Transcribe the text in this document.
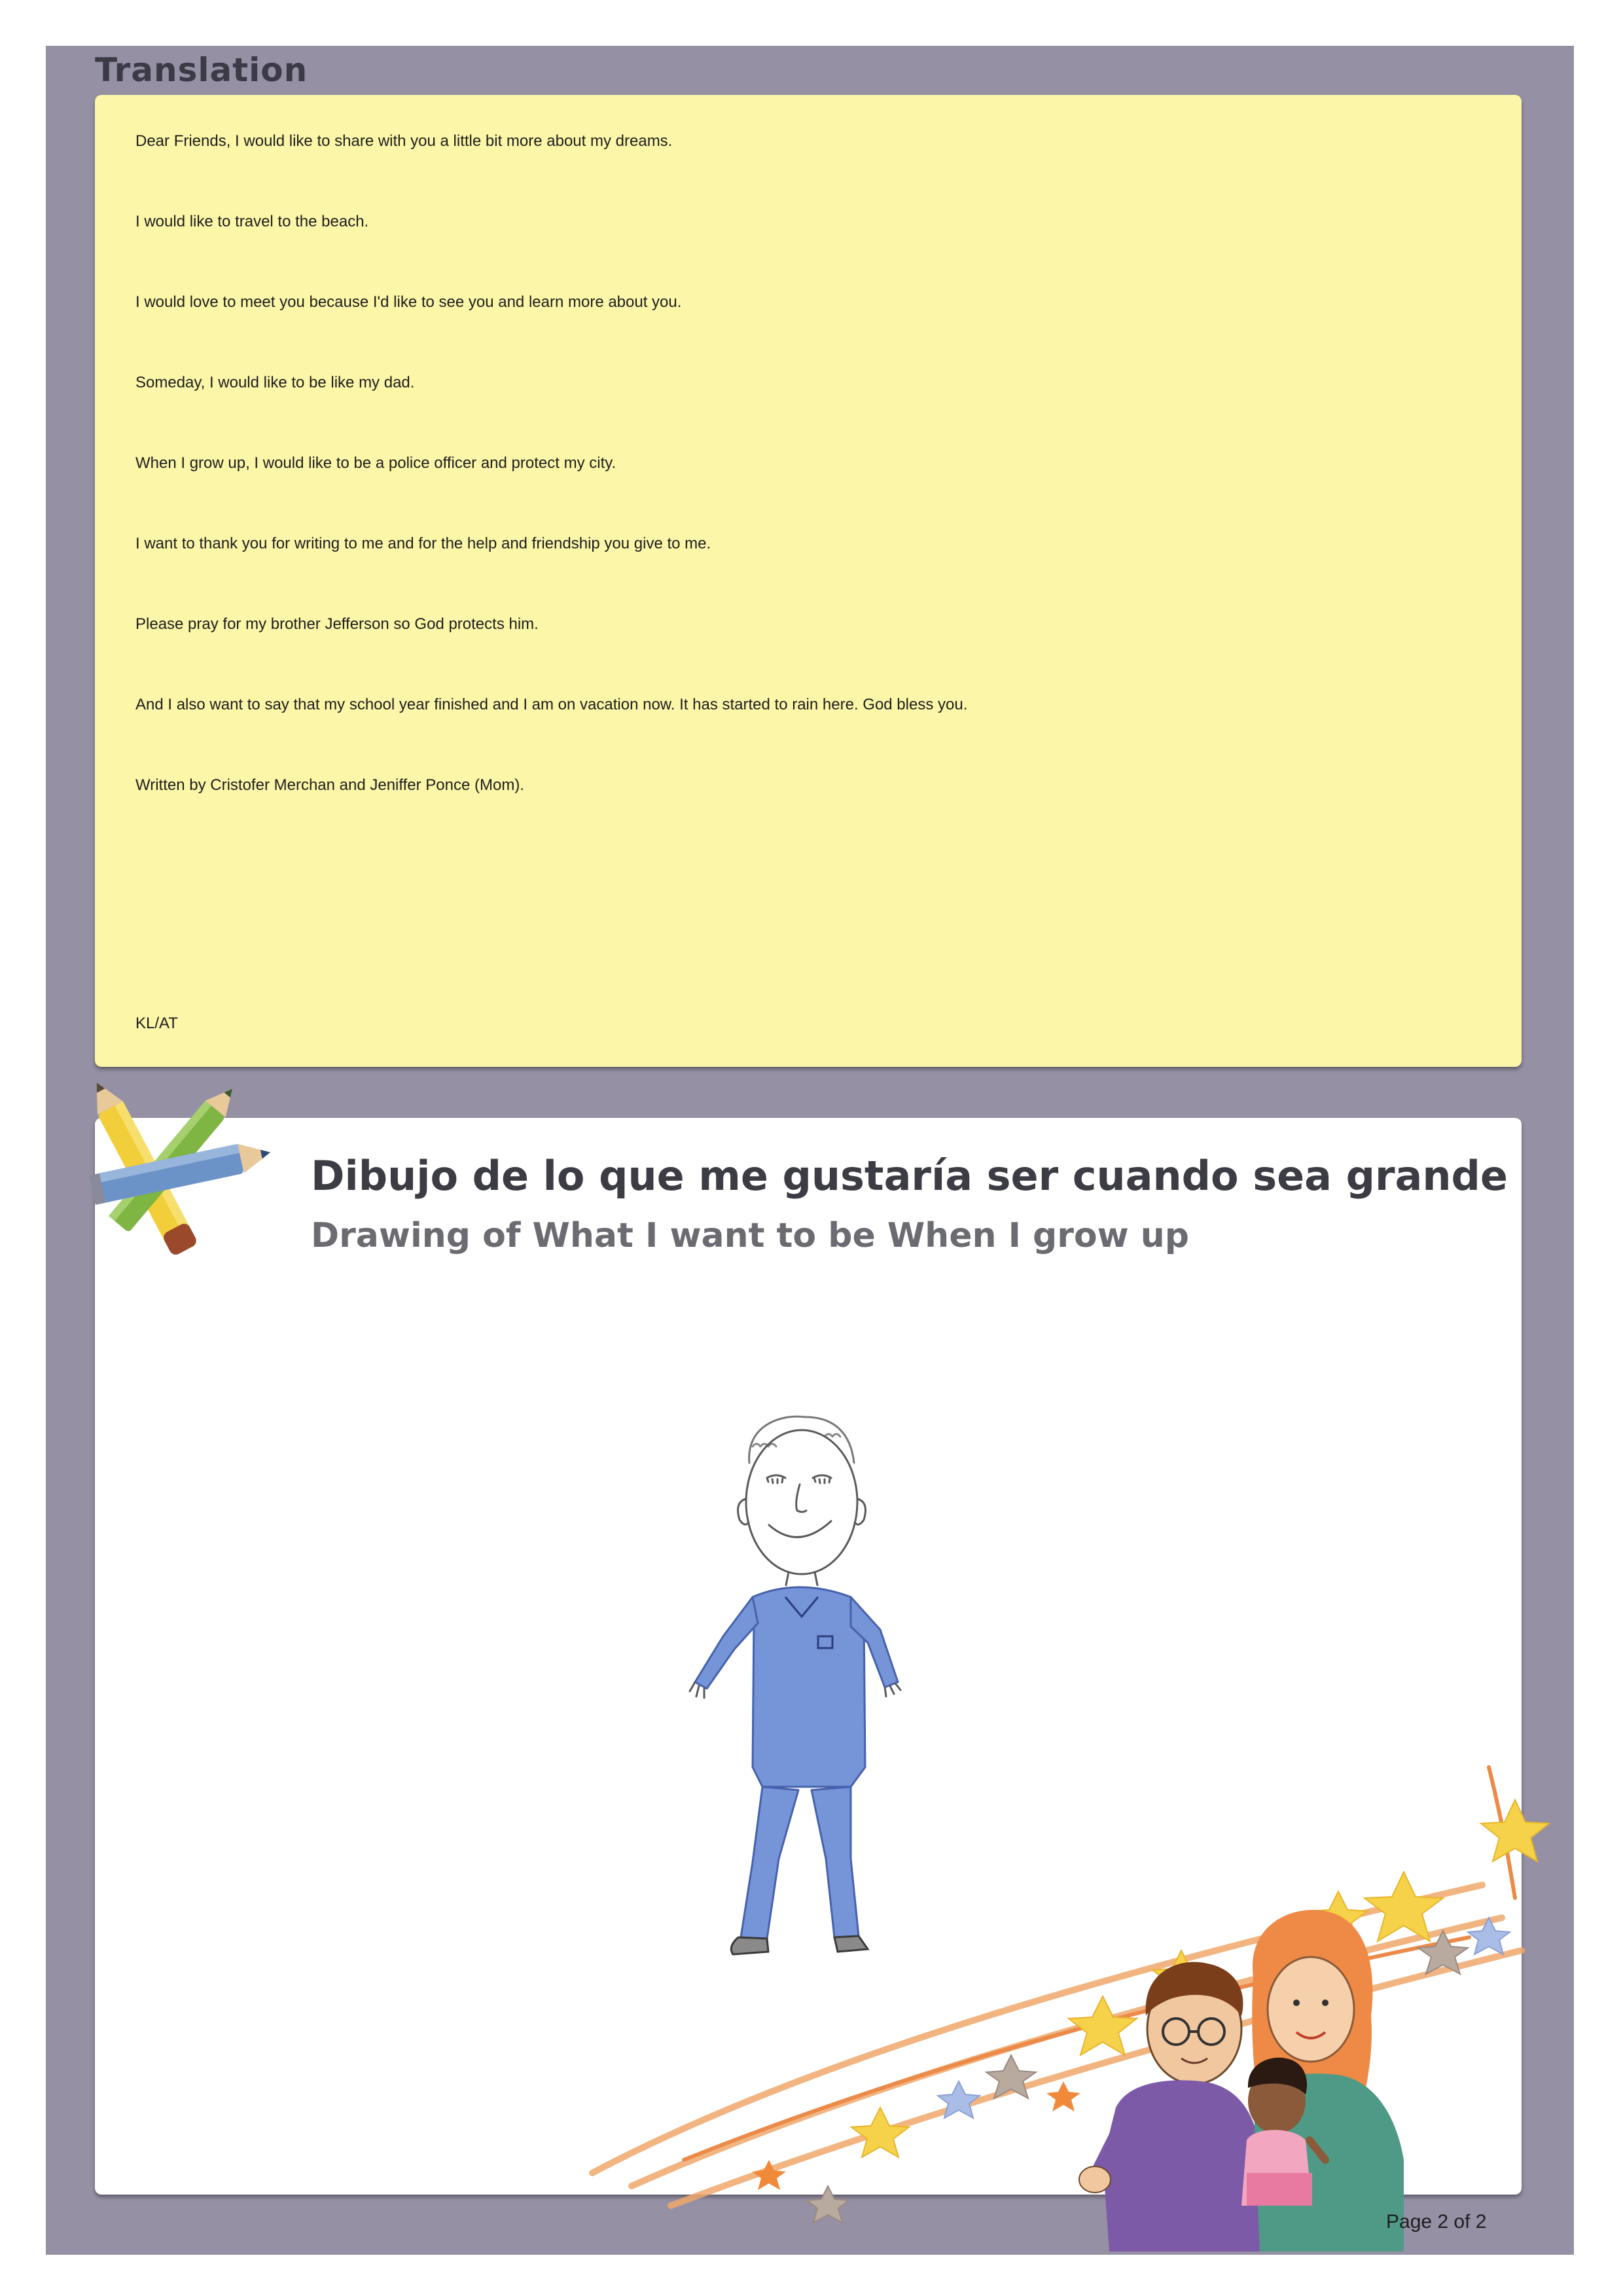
Translation

Dear Friends, I would like to share with you a little bit more about my dreams.

I would like to travel to the beach.

I would love to meet you because I'd like to see you and learn more about you.

Someday, I would like to be like my dad.

When I grow up, I would like to be a police officer and protect my city.

I want to thank you for writing to me and for the help and friendship you give to me.

Please pray for my brother Jefferson so God protects him.

And I also want to say that my school year finished and I am on vacation now. It has started to rain here. God bless you.

Written by Cristofer Merchan and Jeniffer Ponce (Mom).

KL/AT

Dibujo de lo que me gustaría ser cuando sea grande
Drawing of What I want to be When I grow up
Page 2 of 2
